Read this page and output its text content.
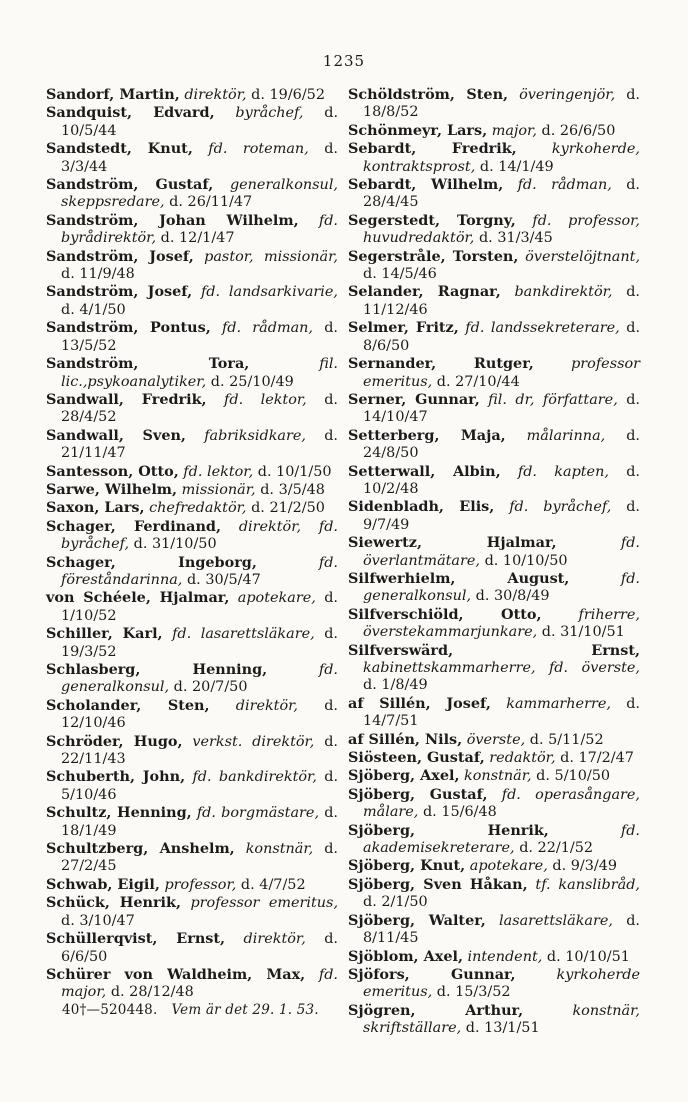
1235

Sandorf, Martin, direktör, d. 19/6/52

Sandquist, Edvard, byråchef, d. 10/5/44

Sandstedt, Knut, fd. roteman, d. 3/3/44

Sandström, Gustaf, generalkonsul, skeppsredare, d. 26/11/47

Sandström, Johan Wilhelm, fd. byrådirektör, d. 12/1/47

Sandström, Josef, pastor, missionär, d. 11/9/48

Sandström, Josef, fd. landsarkivarie, d. 4/1/50

Sandström, Pontus, fd. rådman, d. 13/5/52

Sandström, Tora,	fil. lic.,psykoanalytiker, d. 25/10/49

Sandwall, Fredrik, fd. lektor, d. 28/4/52

Sandwall, Sven, fabriksidkare, d. 21/11/47

Santesson, Otto, fd. lektor, d. 10/1/50

Sarwe, Wilhelm, missionär, d. 3/5/48

Saxon, Lars, chefredaktör, d. 21/2/50

Schager, Ferdinand, direktör, fd. byråchef, d. 31/10/50

Schager, Ingeborg,	fd. föreståndarinna, d. 30/5/47

von Schéele, Hjalmar, apotekare, d. 1/10/52

Schiller, Karl, fd. lasarettsläkare, d. 19/3/52

Schlasberg, Henning,	fd. generalkonsul, d. 20/7/50

Scholander, Sten, direktör, d. 12/10/46

Schröder, Hugo, verkst. direktör, d. 22/11/43

Schuberth, John, fd. bankdirektör, d. 5/10/46

Schultz, Henning, fd. borgmästare, d. 18/1/49

Schultzberg, Anshelm, konstnär, d. 27/2/45

Schwab, Eigil, professor, d. 4/7/52

Schück, Henrik, professor emeritus, d. 3/10/47

Schüllerqvist, Ernst, direktör, d. 6/6/50

Schürer von Waldheim, Max, fd. major, d. 28/12/48

Schöldström, Sten, överingenjör, d. 18/8/52

Schönmeyr, Lars, major, d. 26/6/50

Sebardt, Fredrik, kyrkoherde, kontraktsprost, d. 14/1/49

Sebardt, Wilhelm, fd. rådman, d. 28/4/45

Segerstedt, Torgny, fd. professor, huvudredaktör, d. 31/3/45

Segerstråle, Torsten, överstelöjtnant, d. 14/5/46

Selander, Ragnar, bankdirektör, d. 11/12/46

Selmer, Fritz, fd. landssekreterare, d. 8/6/50

Sernander, Rutger,	professor emeritus, d. 27/10/44

Serner, Gunnar, fil. dr, författare, d. 14/10/47

Setterberg, Maja, målarinna, d. 24/8/50

Setterwall, Albin, fd. kapten, d. 10/2/48

Sidenbladh, Elis, fd. byråchef, d. 9/7/49

Siewertz, Hjalmar,	fd. överlantmätare, d. 10/10/50

Silfwerhielm, August,	fd. generalkonsul, d. 30/8/49

Silfverschiöld, Otto,	friherre, överstekammarjunkare, d. 31/10/51

Silfverswärd, Ernst, kabinettskammarherre, fd. överste, d. 1/8/49

af Sillén, Josef, kammarherre, d. 14/7/51

af Sillén, Nils, överste, d. 5/11/52

Siösteen, Gustaf, redaktör, d. 17/2/47

Sjöberg, Axel, konstnär, d. 5/10/50

Sjöberg, Gustaf, fd. operasångare, målare, d. 15/6/48

Sjöberg, Henrik,	fd. akademisekreterare, d. 22/1/52

Sjöberg, Knut, apotekare, d. 9/3/49

Sjöberg, Sven Håkan, tf. kanslibråd, d. 2/1/50

Sjöberg, Walter, lasarettsläkare, d. 8/11/45

Sjöblom, Axel, intendent, d. 10/10/51

Sjöfors, Gunnar,	kyrkoherde emeritus, d. 15/3/52

Sjögren, Arthur,	konstnär, skriftställare, d. 13/1/51

40†—520448. Vem är det 29. 1. 53.
